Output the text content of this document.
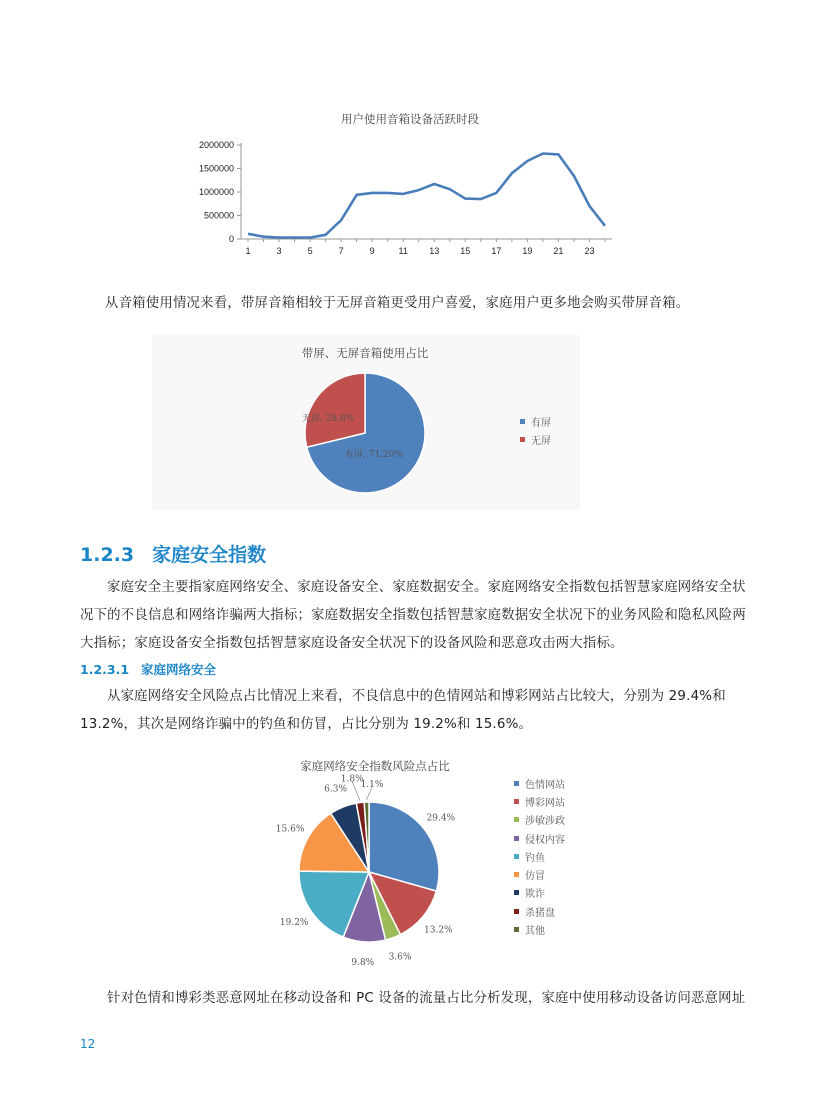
用户使用音箱设备活跃时段
0
500000
1000000
1500000
2000000
1	3	5	7	9	11 13 15 17 19 21 23
从音箱使用情况来看，带屏音箱相较于无屏音箱更受用户喜爱，家庭用户更多地会购买带屏音箱。
带屏、无屏音箱使用占比
无屏, 28.8%
有屏, 71.20%
有屏
无屏
1.2.3 家庭安全指数
家庭安全主要指家庭网络安全、家庭设备安全、家庭数据安全。家庭网络安全指数包括智慧家庭网络安全状
况下的不良信息和网络诈骗两大指标；家庭数据安全指数包括智慧家庭数据安全状况下的业务风险和隐私风险两
大指标；家庭设备安全指数包括智慧家庭设备安全状况下的设备风险和恶意攻击两大指标。
1.2.3.1 家庭网络安全
从家庭网络安全风险点占比情况上来看，不良信息中的色情网站和博彩网站占比较大，分别为 29.4%和
13.2%，其次是网络诈骗中的钓鱼和仿冒，占比分别为 19.2%和 15.6%。
家庭网络安全指数风险点占比
29.4%
13.2%
3.6%
9.8%
19.2%
15.6%
6.3%
1.8%
1.1%	色情网站
博彩网站
涉敏涉政
侵权内容
钓鱼
仿冒
欺诈
杀猪盘
其他
针对色情和博彩类恶意网址在移动设备和 PC 设备的流量占比分析发现，家庭中使用移动设备访问恶意网址
12
